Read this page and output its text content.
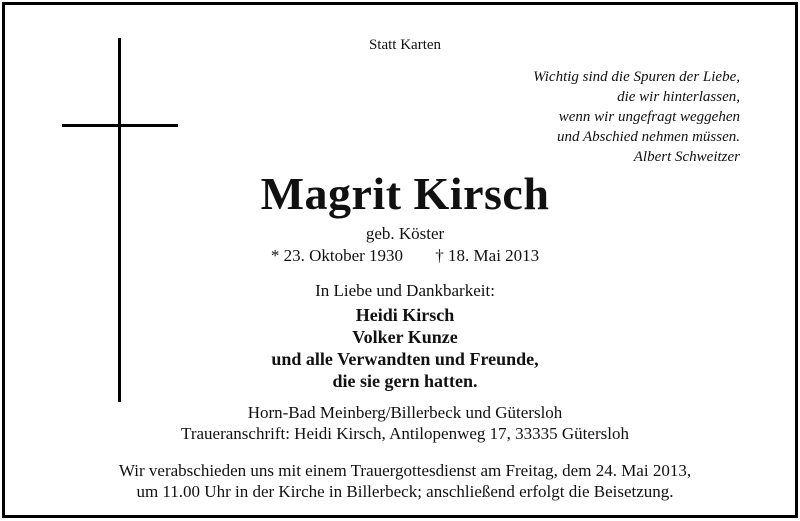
Statt Karten
Wichtig sind die Spuren der Liebe,
die wir hinterlassen,
wenn wir ungefragt weggehen
und Abschied nehmen müssen.
Albert Schweitzer
Magrit Kirsch
geb. Köster
* 23. Oktober 1930 † 18. Mai 2013
In Liebe und Dankbarkeit:
Heidi Kirsch
Volker Kunze
und alle Verwandten und Freunde,
die sie gern hatten.
Horn-Bad Meinberg/Billerbeck und Gütersloh
Traueranschrift: Heidi Kirsch, Antilopenweg 17, 33335 Gütersloh
Wir verabschieden uns mit einem Trauergottesdienst am Freitag, dem 24. Mai 2013,
um 11.00 Uhr in der Kirche in Billerbeck; anschließend erfolgt die Beisetzung.
